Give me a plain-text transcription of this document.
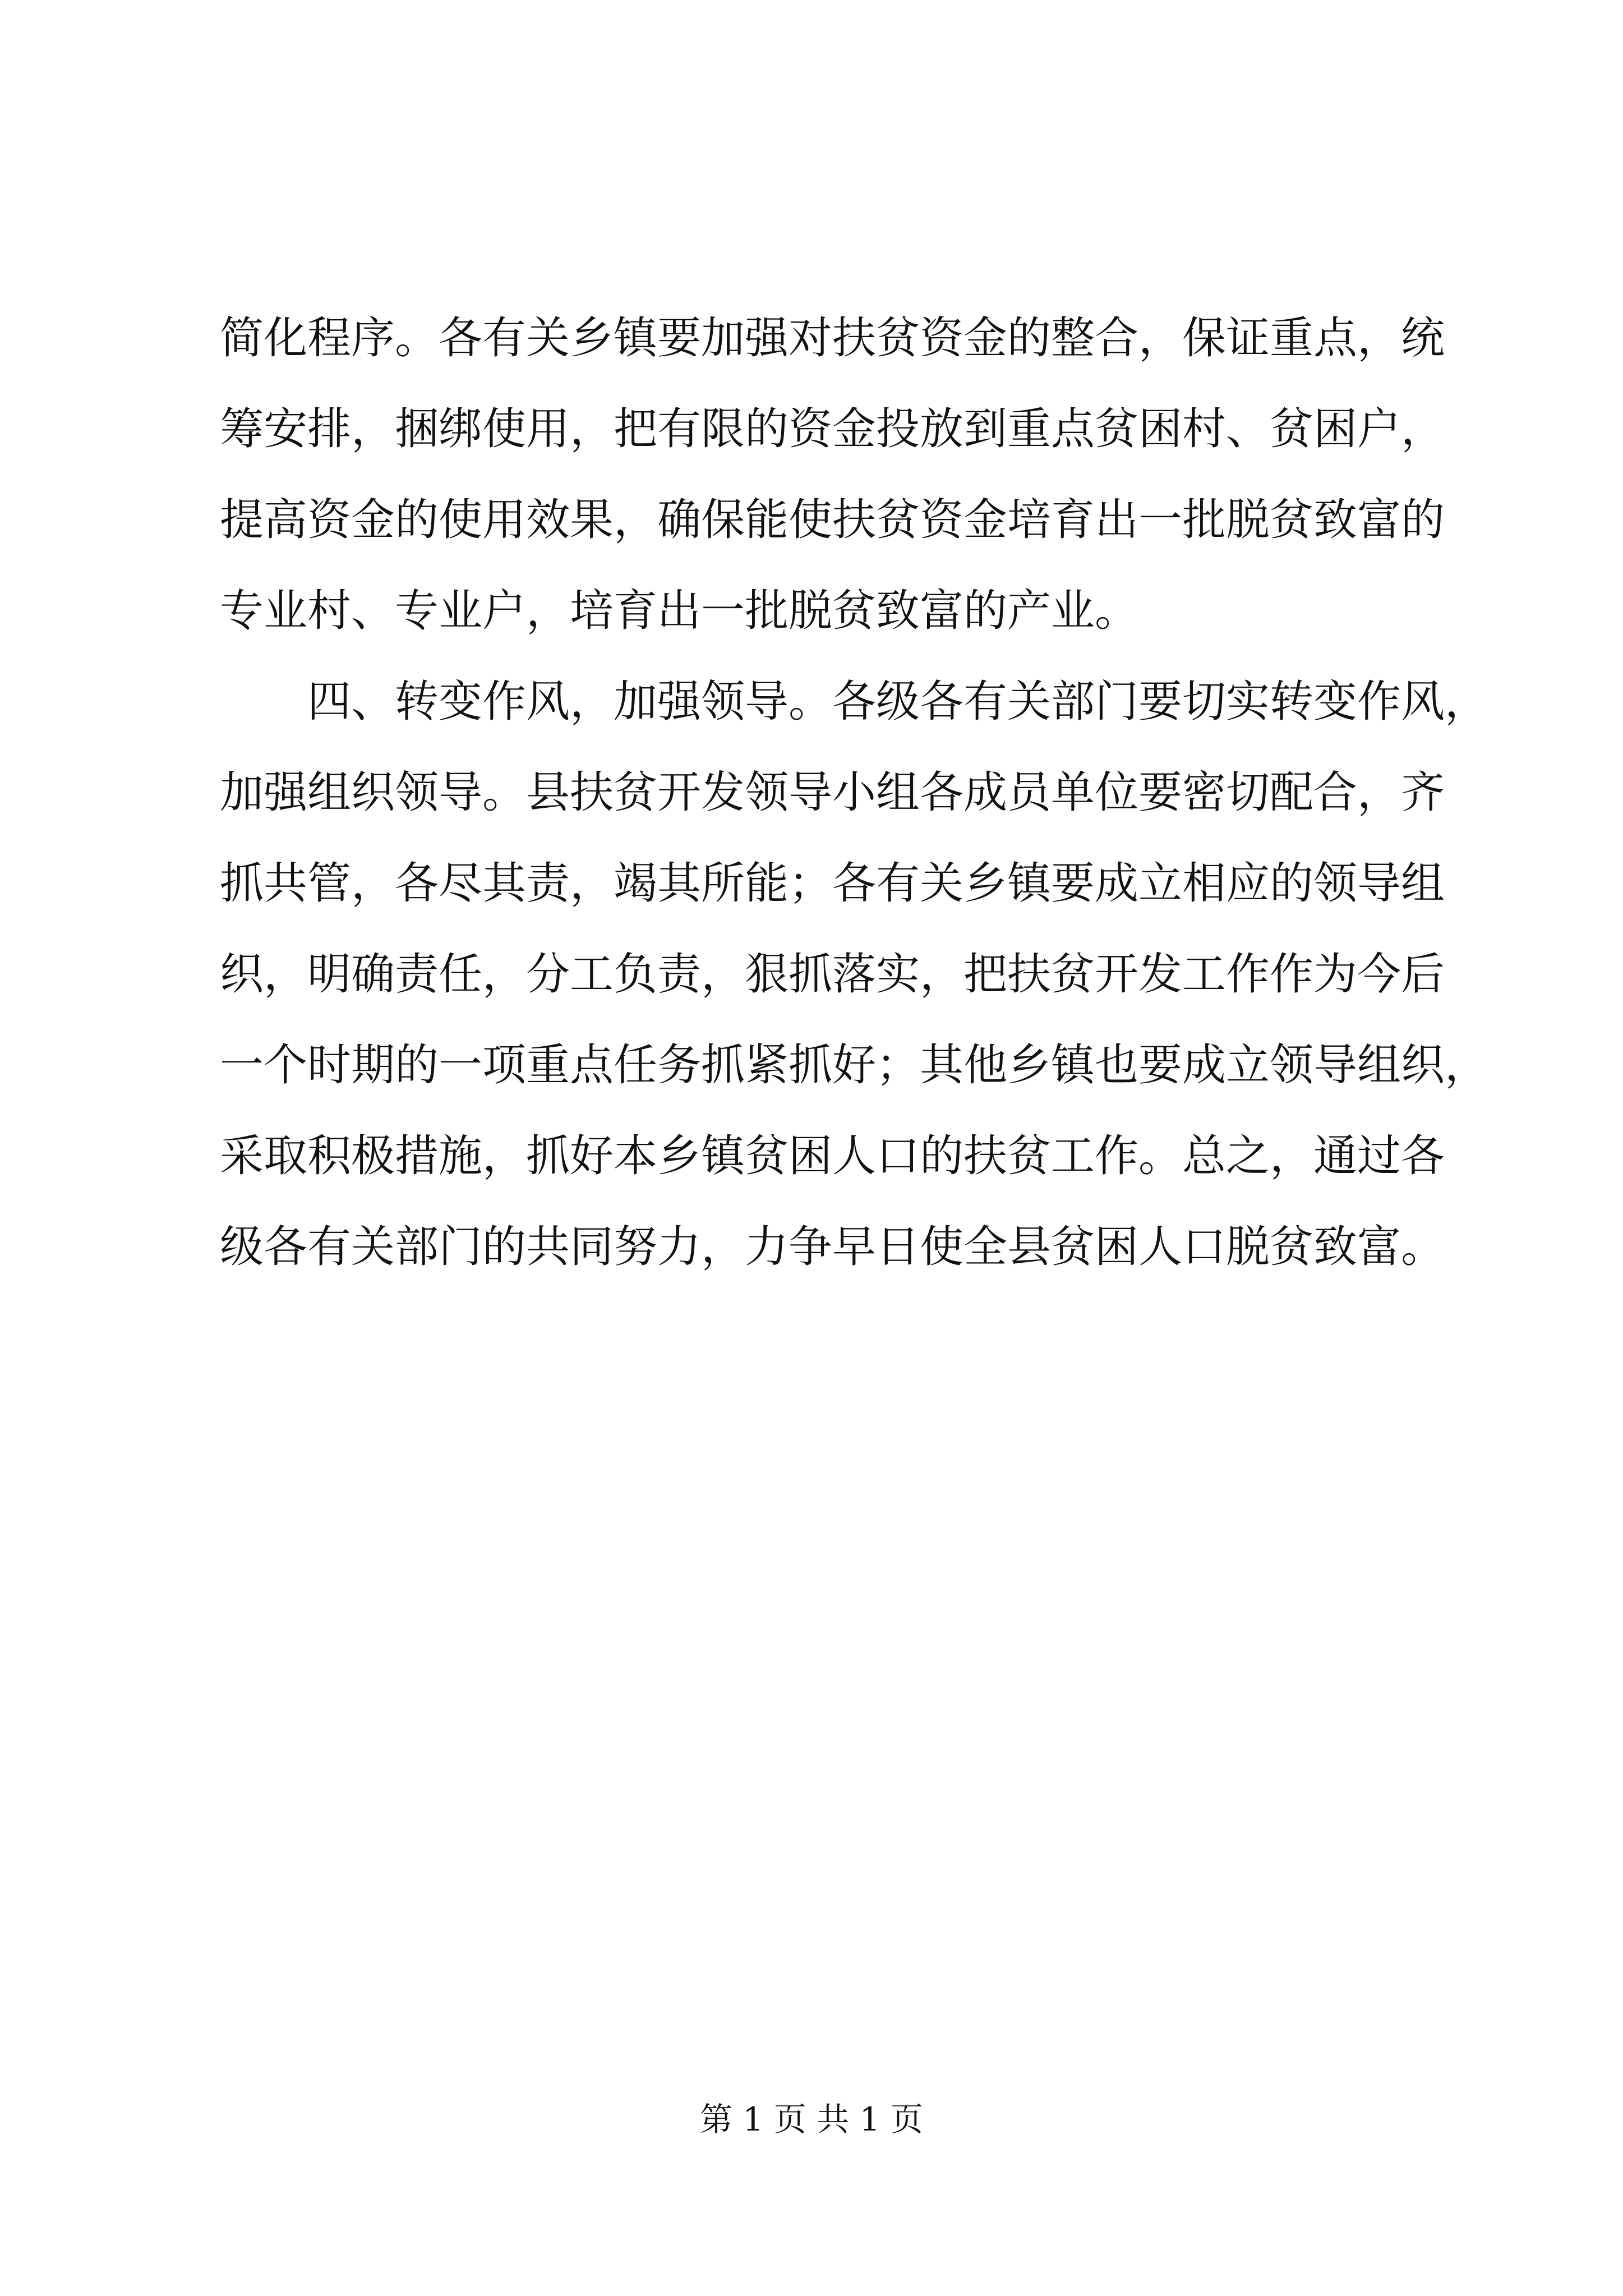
简化程序。各有关乡镇要加强对扶贫资金的整合，保证重点，统
筹安排，捆绑使用，把有限的资金投放到重点贫困村、贫困户，
提高资金的使用效果，确保能使扶贫资金培育出一批脱贫致富的
专业村、专业户，培育出一批脱贫致富的产业。
四、转变作风，加强领导。各级各有关部门要切实转变作风，
加强组织领导。县扶贫开发领导小组各成员单位要密切配合，齐
抓共管，各尽其责，竭其所能；各有关乡镇要成立相应的领导组
织，明确责任，分工负责，狠抓落实，把扶贫开发工作作为今后
一个时期的一项重点任务抓紧抓好；其他乡镇也要成立领导组织，
采取积极措施，抓好本乡镇贫困人口的扶贫工作。总之，通过各
级各有关部门的共同努力，力争早日使全县贫困人口脱贫致富。
第 1 页 共 1 页
